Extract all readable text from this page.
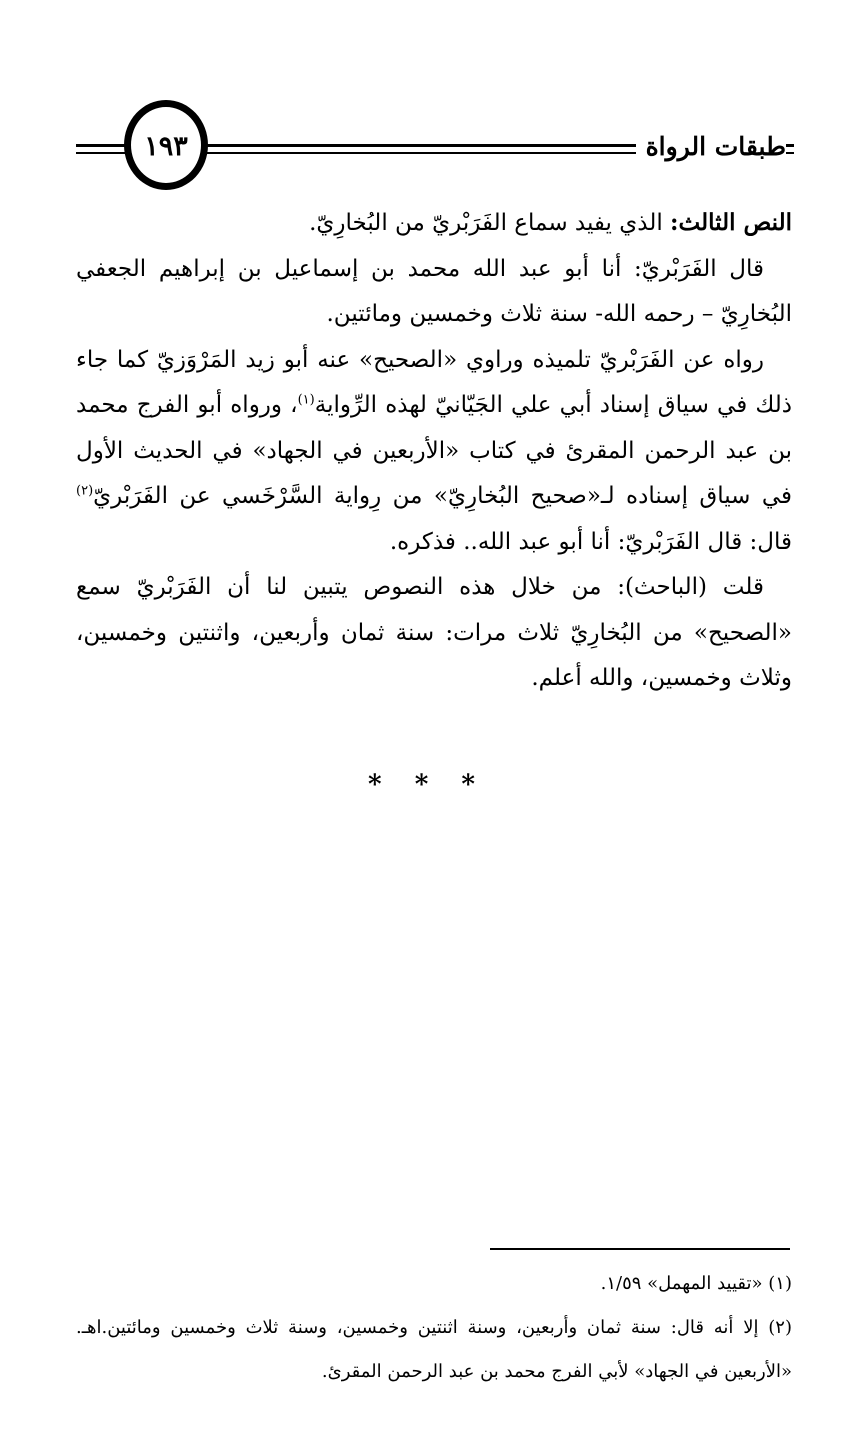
طبقات الرواة
١٩٣

النص الثالث: الذي يفيد سماع الفَرَبْريّ من البُخارِيّ.

قال الفَرَبْريّ: أنا أبو عبد الله محمد بن إسماعيل بن إبراهيم الجعفي البُخارِيّ – رحمه الله- سنة ثلاث وخمسين ومائتين.

رواه عن الفَرَبْريّ تلميذه وراوي «الصحيح» عنه أبو زيد المَرْوَزيّ كما جاء ذلك في سياق إسناد أبي علي الجَيّانيّ لهذه الرِّواية$^{(١)}$، ورواه أبو الفرج محمد بن عبد الرحمن المقرئ في كتاب «الأربعين في الجهاد» في الحديث الأول في سياق إسناده لـ«صحيح البُخارِيّ» من رِواية السَّرْخَسي عن الفَرَبْريّ$^{(٢)}$ قال: قال الفَرَبْريّ: أنا أبو عبد الله.. فذكره.

قلت (الباحث): من خلال هذه النصوص يتبين لنا أن الفَرَبْريّ سمع «الصحيح» من البُخارِيّ ثلاث مرات: سنة ثمان وأربعين، واثنتين وخمسين، وثلاث وخمسين، والله أعلم.

* * *

(١) «تقييد المهمل» ١/٥٩.

(٢) إلا أنه قال: سنة ثمان وأربعين، وسنة اثنتين وخمسين، وسنة ثلاث وخمسين ومائتين.اهـ. «الأربعين في الجهاد» لأبي الفرج محمد بن عبد الرحمن المقرئ.
